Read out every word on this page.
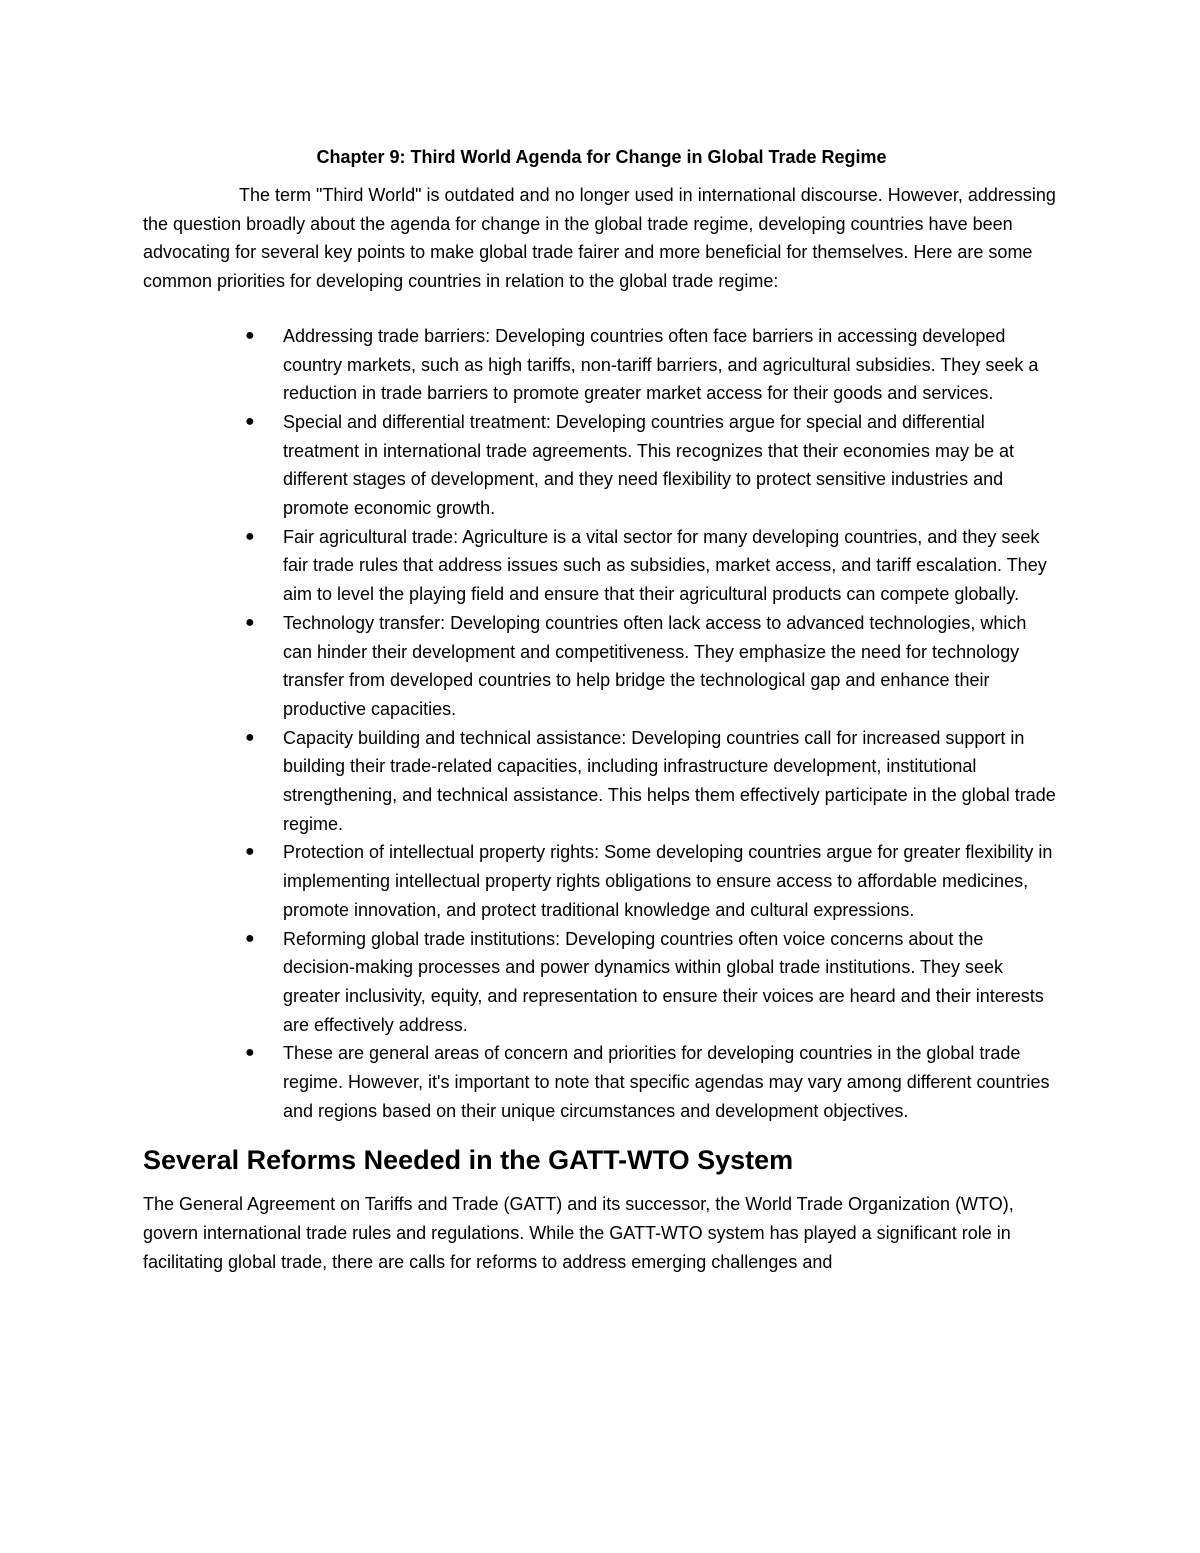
Chapter 9: Third World Agenda for Change in Global Trade Regime

The term "Third World" is outdated and no longer used in international discourse. However, addressing the question broadly about the agenda for change in the global trade regime, developing countries have been advocating for several key points to make global trade fairer and more beneficial for themselves. Here are some common priorities for developing countries in relation to the global trade regime:

● Addressing trade barriers: Developing countries often face barriers in accessing developed country markets, such as high tariffs, non-tariff barriers, and agricultural subsidies. They seek a reduction in trade barriers to promote greater market access for their goods and services.
● Special and differential treatment: Developing countries argue for special and differential treatment in international trade agreements. This recognizes that their economies may be at different stages of development, and they need flexibility to protect sensitive industries and promote economic growth.
● Fair agricultural trade: Agriculture is a vital sector for many developing countries, and they seek fair trade rules that address issues such as subsidies, market access, and tariff escalation. They aim to level the playing field and ensure that their agricultural products can compete globally.
● Technology transfer: Developing countries often lack access to advanced technologies, which can hinder their development and competitiveness. They emphasize the need for technology transfer from developed countries to help bridge the technological gap and enhance their productive capacities.
● Capacity building and technical assistance: Developing countries call for increased support in building their trade-related capacities, including infrastructure development, institutional strengthening, and technical assistance. This helps them effectively participate in the global trade regime.
● Protection of intellectual property rights: Some developing countries argue for greater flexibility in implementing intellectual property rights obligations to ensure access to affordable medicines, promote innovation, and protect traditional knowledge and cultural expressions.
● Reforming global trade institutions: Developing countries often voice concerns about the decision-making processes and power dynamics within global trade institutions. They seek greater inclusivity, equity, and representation to ensure their voices are heard and their interests are effectively address.
● These are general areas of concern and priorities for developing countries in the global trade regime. However, it's important to note that specific agendas may vary among different countries and regions based on their unique circumstances and development objectives.
Several Reforms Needed in the GATT-WTO System

The General Agreement on Tariffs and Trade (GATT) and its successor, the World Trade Organization (WTO), govern international trade rules and regulations. While the GATT-WTO system has played a significant role in facilitating global trade, there are calls for reforms to address emerging challenges and
